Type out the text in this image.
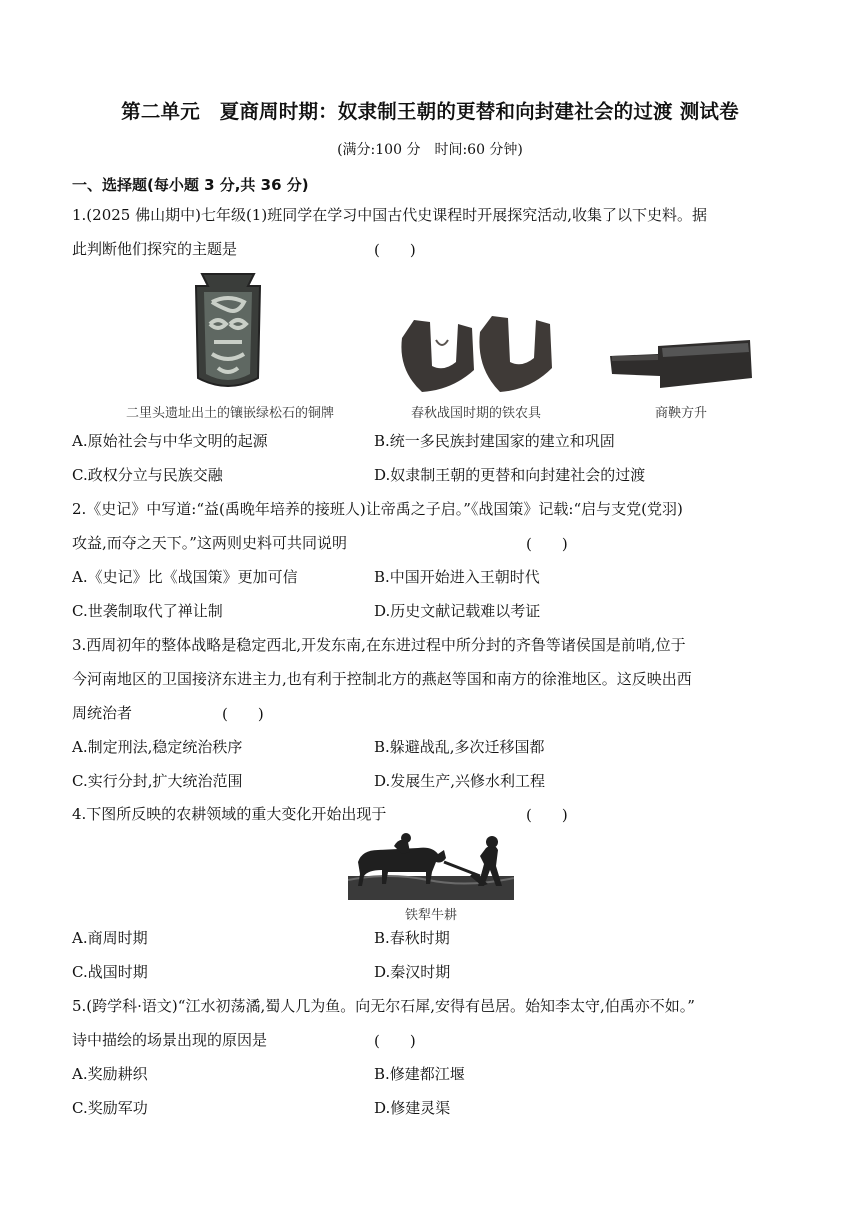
第二单元　夏商周时期：奴隶制王朝的更替和向封建社会的过渡 测试卷
(满分:100 分　时间:60 分钟)
一、选择题(每小题 3 分,共 36 分)
1.(2025 佛山期中)七年级(1)班同学在学习中国古代史课程时开展探究活动,收集了以下史料。据
此判断他们探究的主题是	(　　)
二里头遗址出土的镶嵌绿松石的铜牌	春秋战国时期的铁农具	商鞅方升
A.原始社会与中华文明的起源	B.统一多民族封建国家的建立和巩固
C.政权分立与民族交融	D.奴隶制王朝的更替和向封建社会的过渡
2.《史记》中写道:“益(禹晚年培养的接班人)让帝禹之子启。”《战国策》记载:“启与支党(党羽)
攻益,而夺之天下。”这两则史料可共同说明	(　　)
A.《史记》比《战国策》更加可信	B.中国开始进入王朝时代
C.世袭制取代了禅让制	D.历史文献记载难以考证
3.西周初年的整体战略是稳定西北,开发东南,在东进过程中所分封的齐鲁等诸侯国是前哨,位于
今河南地区的卫国接济东进主力,也有利于控制北方的燕赵等国和南方的徐淮地区。这反映出西
周统治者	(　　)
A.制定刑法,稳定统治秩序	B.躲避战乱,多次迁移国都
C.实行分封,扩大统治范围	D.发展生产,兴修水利工程
4.下图所反映的农耕领域的重大变化开始出现于	(　　)
铁犁牛耕
A.商周时期	B.春秋时期
C.战国时期	D.秦汉时期
5.(跨学科·语文)“江水初荡潏,蜀人几为鱼。向无尔石犀,安得有邑居。始知李太守,伯禹亦不如。”
诗中描绘的场景出现的原因是	(　　)
A.奖励耕织	B.修建都江堰
C.奖励军功	D.修建灵渠
